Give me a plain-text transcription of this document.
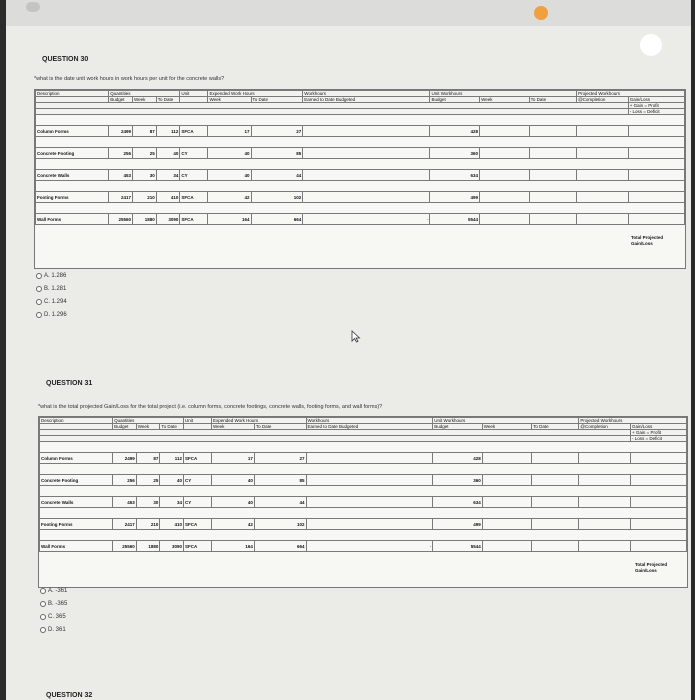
QUESTION 30
*what is the date unit work hours in work hours per unit for the concrete walls?
Description	Quantities			Unit	Expended Work Hours		Workhours	Unit Workhours			Projected Workhours	
	Budget	Week	To Date		Week	To Date	Earned to Date Budgeted	Budget	Week	To Date	@Completion	Gain/Loss
												+ Gain = Profit
												- Loss = Deficit

Column Forms	2499	87	112	SFCA	17	27		428				

Concrete Footing	256	25	40	CY	40	85		360				

Concrete Walls	453	30	34	CY	40	44		634				

Footing Forms	2417	210	410	SFCA	42	102		499				

Wall Forms	25560	1880	3090	SFCA	164	664	-	5544				
Total Projected
Gain/Loss
A. 1.286
B. 1.281
C. 1.294
D. 1.296
QUESTION 31
*what is the total projected Gain/Loss for the total project (i.e. column forms, concrete footings, concrete walls, footing forms, and wall forms)?
Description	Quantities			Unit	Expended Work Hours		Workhours	Unit Workhours			Projected Workhours	
	Budget	Week	To Date		Week	To Date	Earned to Date Budgeted	Budget	Week	To Date	@Completion	Gain/Loss
												+ Gain = Profit
												- Loss = Deficit

Column Forms	2499	87	112	SFCA	17	27		428				

Concrete Footing	256	25	40	CY	40	85		360				

Concrete Walls	453	30	34	CY	40	44		634				

Footing Forms	2417	210	410	SFCA	42	102		499				

Wall Forms	25560	1880	3090	SFCA	164	664	-	5544				
Total Projected
Gain/Loss
A. -361
B. -365
C. 365
D. 361
QUESTION 32
